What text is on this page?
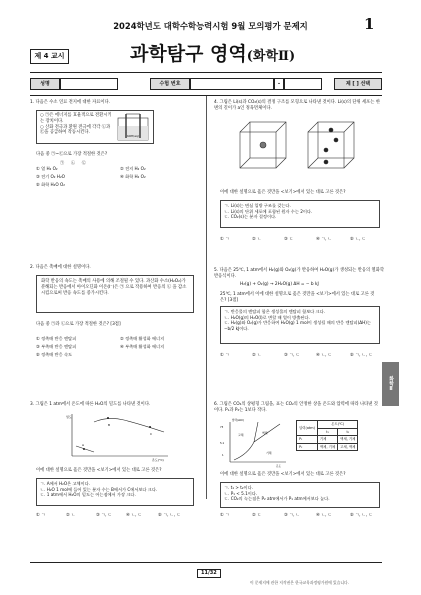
2024학년도 대학수학능력시험 9월 모의평가 문제지	1
제 4 교시	과학탐구 영역(화학Ⅱ)
성명	수험 번호	–	제 [ ] 선택
1. 다음은 수소 연료 전지에 대한 자료이다.
○ ㉠은 에너지를 효율적으로 전환시키는 장치이다.
○ 산화 전극과 환원 전극에 각각 ㉡과 ㉢을 공급하여 작동시킨다.
KOH(aq)
다음 중 ㉠~㉢으로 가장 적절한 것은?
㉠ ㉡ ㉢
① 열 H₂ O₂	② 전지 H₂ O₂
③ 전기 O₂ H₂O	④ 화학 H₂ O₂
⑤ 화학 H₂O O₂
2. 다음은 촉매에 대한 설명이다.
화학 반응의 속도는 촉매의 사용에 의해 조절될 수 있다. 과산화 수소(H₂O₂)가 분해되는 반응에서 아이오딘화 이온(I⁻)은 ㉠ 으로 작용하여 반응의 ㉡ 을 감소시킴으로써 반응 속도를 증가시킨다.
다음 중 ㉠과 ㉡으로 가장 적절한 것은? [3점]
① 정촉매 반응 엔탈피	② 정촉매 활성화 에너지
③ 부촉매 반응 엔탈피	④ 부촉매 활성화 에너지
⑤ 정촉매 반응 속도
3. 그림은 1 atm에서 온도에 따른 H₂O의 밀도를 나타낸 것이다.
밀도
온도(°C)
A
B
C
이에 대한 설명으로 옳은 것만을 <보기>에서 있는 대로 고른 것은?
ㄱ. A에서 H₂O은 고체이다.
ㄴ. H₂O 1 mol에 들어 있는 분자 수는 B에서가 C에서보다 크다.
ㄷ. 1 atm에서 H₂O의 밀도는 어는점에서 가장 크다.
① ㄱ	② ㄴ	③ ㄱ, ㄷ	④ ㄴ, ㄷ	⑤ ㄱ, ㄴ, ㄷ
4. 그림은 Li(s)과 CO₂(s)의 결정 구조를 모형으로 나타낸 것이다. Li(s)의 단위 세포는 한 변의 길이가 a인 정육면체이다.
이에 대한 설명으로 옳은 것만을 <보기>에서 있는 대로 고른 것은?
ㄱ. Li(s)는 면심 입방 구조를 갖는다.
ㄴ. Li(s)의 단위 세포에 포함된 원자 수는 2이다.
ㄷ. CO₂(s)는 분자 결정이다.
① ㄱ	② ㄴ	③ ㄷ	④ ㄱ, ㄴ	⑤ ㄴ, ㄷ
5. 다음은 25℃, 1 atm에서 H₂(g)와 O₂(g)가 반응하여 H₂O(g)가 생성되는 반응의 열화학 반응식이다.
H₂(g) + O₂(g) → 2H₂O(g) ΔH = − b kJ
25℃, 1 atm에서 이에 대한 설명으로 옳은 것만을 <보기>에서 있는 대로 고른 것은? [3점]
ㄱ. 반응물의 엔탈피 합은 생성물의 엔탈피 합보다 크다.
ㄴ. H₂O(g)의 H₂O(l)로 변할 때 열이 방출된다.
ㄷ. H₂(g)와 O₂(g)가 반응하여 H₂O(g) 1 mol이 생성될 때의 반응 엔탈피(ΔH)는 −b/2 kJ이다.
① ㄱ	② ㄴ	③ ㄱ, ㄷ	④ ㄴ, ㄷ	⑤ ㄱ, ㄴ, ㄷ
6. 그림은 CO₂의 상평형 그림을, 표는 CO₂의 안정한 상을 온도와 압력에 따라 나타낸 것이다. P₁과 P₂는 1보다 작다.
73
5.1
1
고체	액체
기체
온도
압력(atm)
압력(atm)	온도(℃)	
	t₁	t₂
P₁	기체	액체, 기체
P₂	액체, 기체	고체, 액체
이에 대한 설명으로 옳은 것만을 <보기>에서 있는 대로 고른 것은?
ㄱ. t₁ > t₂이다.
ㄴ. P₁ < 5.1이다.
ㄷ. CO₂의 녹는점은 P₂ atm에서가 P₁ atm에서보다 높다.
① ㄱ	② ㄷ	③ ㄱ, ㄴ	④ ㄴ, ㄷ	⑤ ㄱ, ㄴ, ㄷ
화학Ⅱ
11/32
이 문제지에 관한 저작권은 한국교육과정평가원에 있습니다.
